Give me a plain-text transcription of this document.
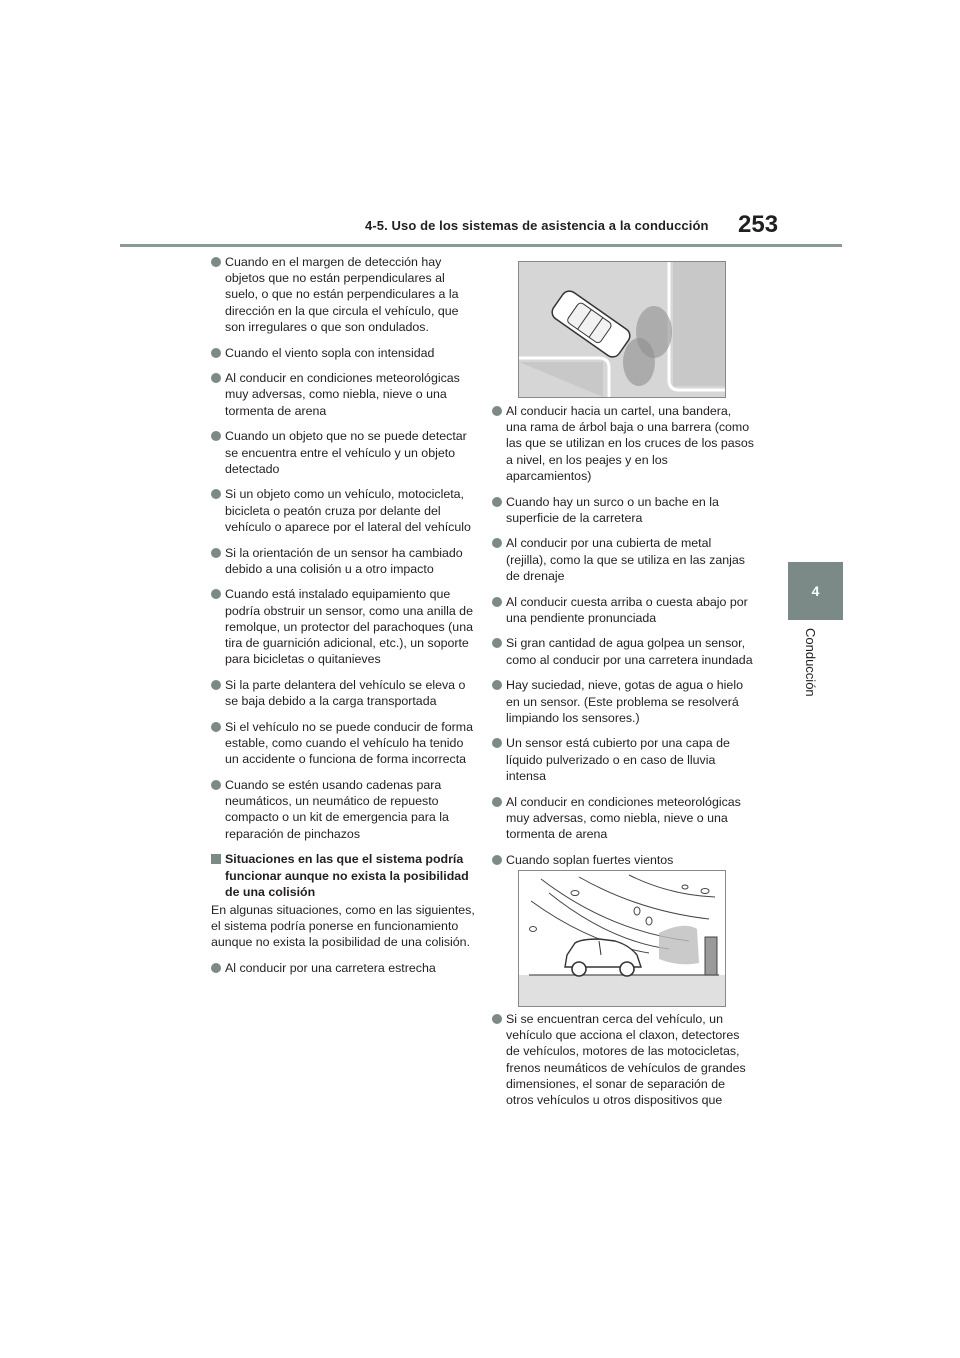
4-5. Uso de los sistemas de asistencia a la conducción 253
4
Conducción
Cuando en el margen de detección hay objetos que no están perpendiculares al suelo, o que no están perpendiculares a la dirección en la que circula el vehículo, que son irregulares o que son ondulados.
Cuando el viento sopla con intensidad
Al conducir en condiciones meteorológicas muy adversas, como niebla, nieve o una tormenta de arena
Cuando un objeto que no se puede detectar se encuentra entre el vehículo y un objeto detectado
Si un objeto como un vehículo, motocicleta, bicicleta o peatón cruza por delante del vehículo o aparece por el lateral del vehículo
Si la orientación de un sensor ha cambiado debido a una colisión u a otro impacto
Cuando está instalado equipamiento que podría obstruir un sensor, como una anilla de remolque, un protector del parachoques (una tira de guarnición adicional, etc.), un soporte para bicicletas o quitanieves
Si la parte delantera del vehículo se eleva o se baja debido a la carga transportada
Si el vehículo no se puede conducir de forma estable, como cuando el vehículo ha tenido un accidente o funciona de forma incorrecta
Cuando se estén usando cadenas para neumáticos, un neumático de repuesto compacto o un kit de emergencia para la reparación de pinchazos
Situaciones en las que el sistema podría funcionar aunque no exista la posibilidad de una colisión
En algunas situaciones, como en las siguientes, el sistema podría ponerse en funcionamiento aunque no exista la posibilidad de una colisión.
Al conducir por una carretera estrecha
Al conducir hacia un cartel, una bandera, una rama de árbol baja o una barrera (como las que se utilizan en los cruces de los pasos a nivel, en los peajes y en los aparcamientos)
Cuando hay un surco o un bache en la superficie de la carretera
Al conducir por una cubierta de metal (rejilla), como la que se utiliza en las zanjas de drenaje
Al conducir cuesta arriba o cuesta abajo por una pendiente pronunciada
Si gran cantidad de agua golpea un sensor, como al conducir por una carretera inundada
Hay suciedad, nieve, gotas de agua o hielo en un sensor. (Este problema se resolverá limpiando los sensores.)
Un sensor está cubierto por una capa de líquido pulverizado o en caso de lluvia intensa
Al conducir en condiciones meteorológicas muy adversas, como niebla, nieve o una tormenta de arena
Cuando soplan fuertes vientos
Si se encuentran cerca del vehículo, un vehículo que acciona el claxon, detectores de vehículos, motores de las motocicletas, frenos neumáticos de vehículos de grandes dimensiones, el sonar de separación de otros vehículos u otros dispositivos que
